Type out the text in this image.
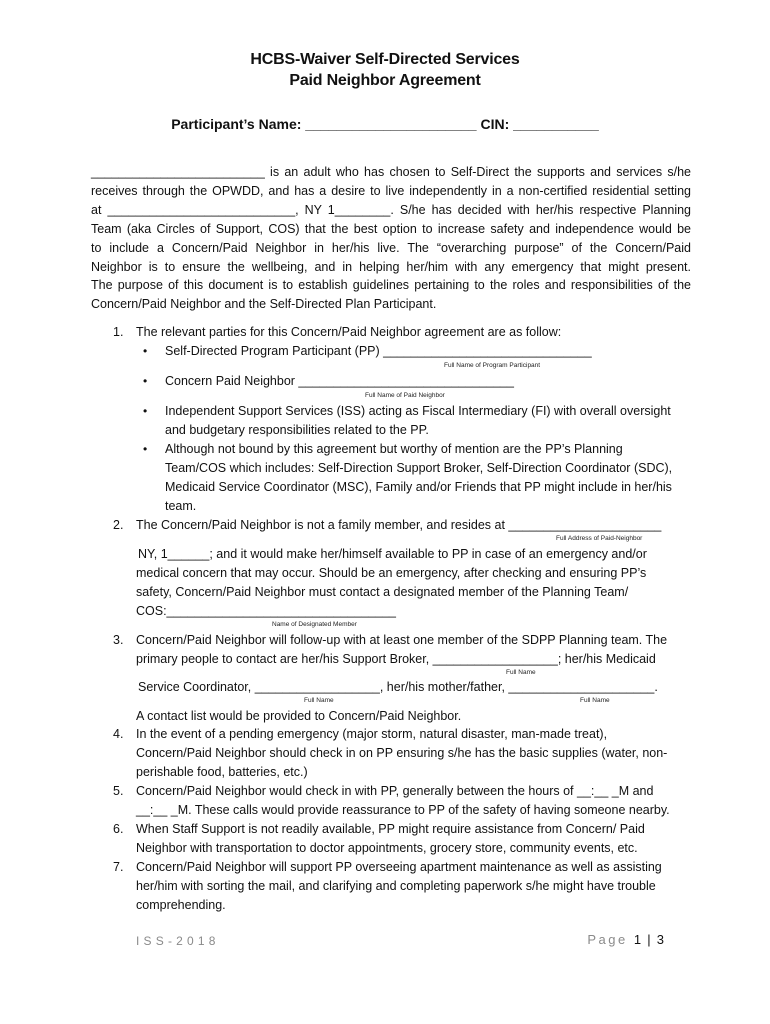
HCBS-Waiver Self-Directed Services
Paid Neighbor Agreement
Participant’s Name: ______________________ CIN: ___________
_________________________ is an adult who has chosen to Self-Direct the supports and services s/he
receives through the OPWDD, and has a desire to live independently in a non-certified residential setting
at ___________________________, NY 1________. S/he has decided with her/his respective Planning
Team (aka Circles of Support, COS) that the best option to increase safety and independence would be
to include a Concern/Paid Neighbor in her/his live. The “overarching purpose” of the Concern/Paid
Neighbor is to ensure the wellbeing, and in helping her/him with any emergency that might present.
The purpose of this document is to establish guidelines pertaining to the roles and responsibilities of the
Concern/Paid Neighbor and the Self-Directed Plan Participant.
1. The relevant parties for this Concern/Paid Neighbor agreement are as follow:
• Self-Directed Program Participant (PP) ______________________________
Full Name of Program Participant
• Concern Paid Neighbor _______________________________
Full Name of Paid Neighbor
• Independent Support Services (ISS) acting as Fiscal Intermediary (FI) with overall oversight
and budgetary responsibilities related to the PP.
• Although not bound by this agreement but worthy of mention are the PP’s Planning
Team/COS which includes: Self-Direction Support Broker, Self-Direction Coordinator (SDC),
Medicaid Service Coordinator (MSC), Family and/or Friends that PP might include in her/his
team.
2. The Concern/Paid Neighbor is not a family member, and resides at ______________________
Full Address of Paid-Neighbor
NY, 1______; and it would make her/himself available to PP in case of an emergency and/or
medical concern that may occur. Should be an emergency, after checking and ensuring PP’s
safety, Concern/Paid Neighbor must contact a designated member of the Planning Team/
COS:_________________________________
Name of Designated Member
3. Concern/Paid Neighbor will follow-up with at least one member of the SDPP Planning team. The
primary people to contact are her/his Support Broker, __________________; her/his Medicaid
Full Name
Service Coordinator, __________________, her/his mother/father, _____________________.
Full Name	Full Name
A contact list would be provided to Concern/Paid Neighbor.
4. In the event of a pending emergency (major storm, natural disaster, man-made treat),
Concern/Paid Neighbor should check in on PP ensuring s/he has the basic supplies (water, non-
perishable food, batteries, etc.)
5. Concern/Paid Neighbor would check in with PP, generally between the hours of __:__ _M and
__:__ _M. These calls would provide reassurance to PP of the safety of having someone nearby.
6. When Staff Support is not readily available, PP might require assistance from Concern/ Paid
Neighbor with transportation to doctor appointments, grocery store, community events, etc.
7. Concern/Paid Neighbor will support PP overseeing apartment maintenance as well as assisting
her/him with sorting the mail, and clarifying and completing paperwork s/he might have trouble
comprehending.
ISS-2018	Page 1 | 3
